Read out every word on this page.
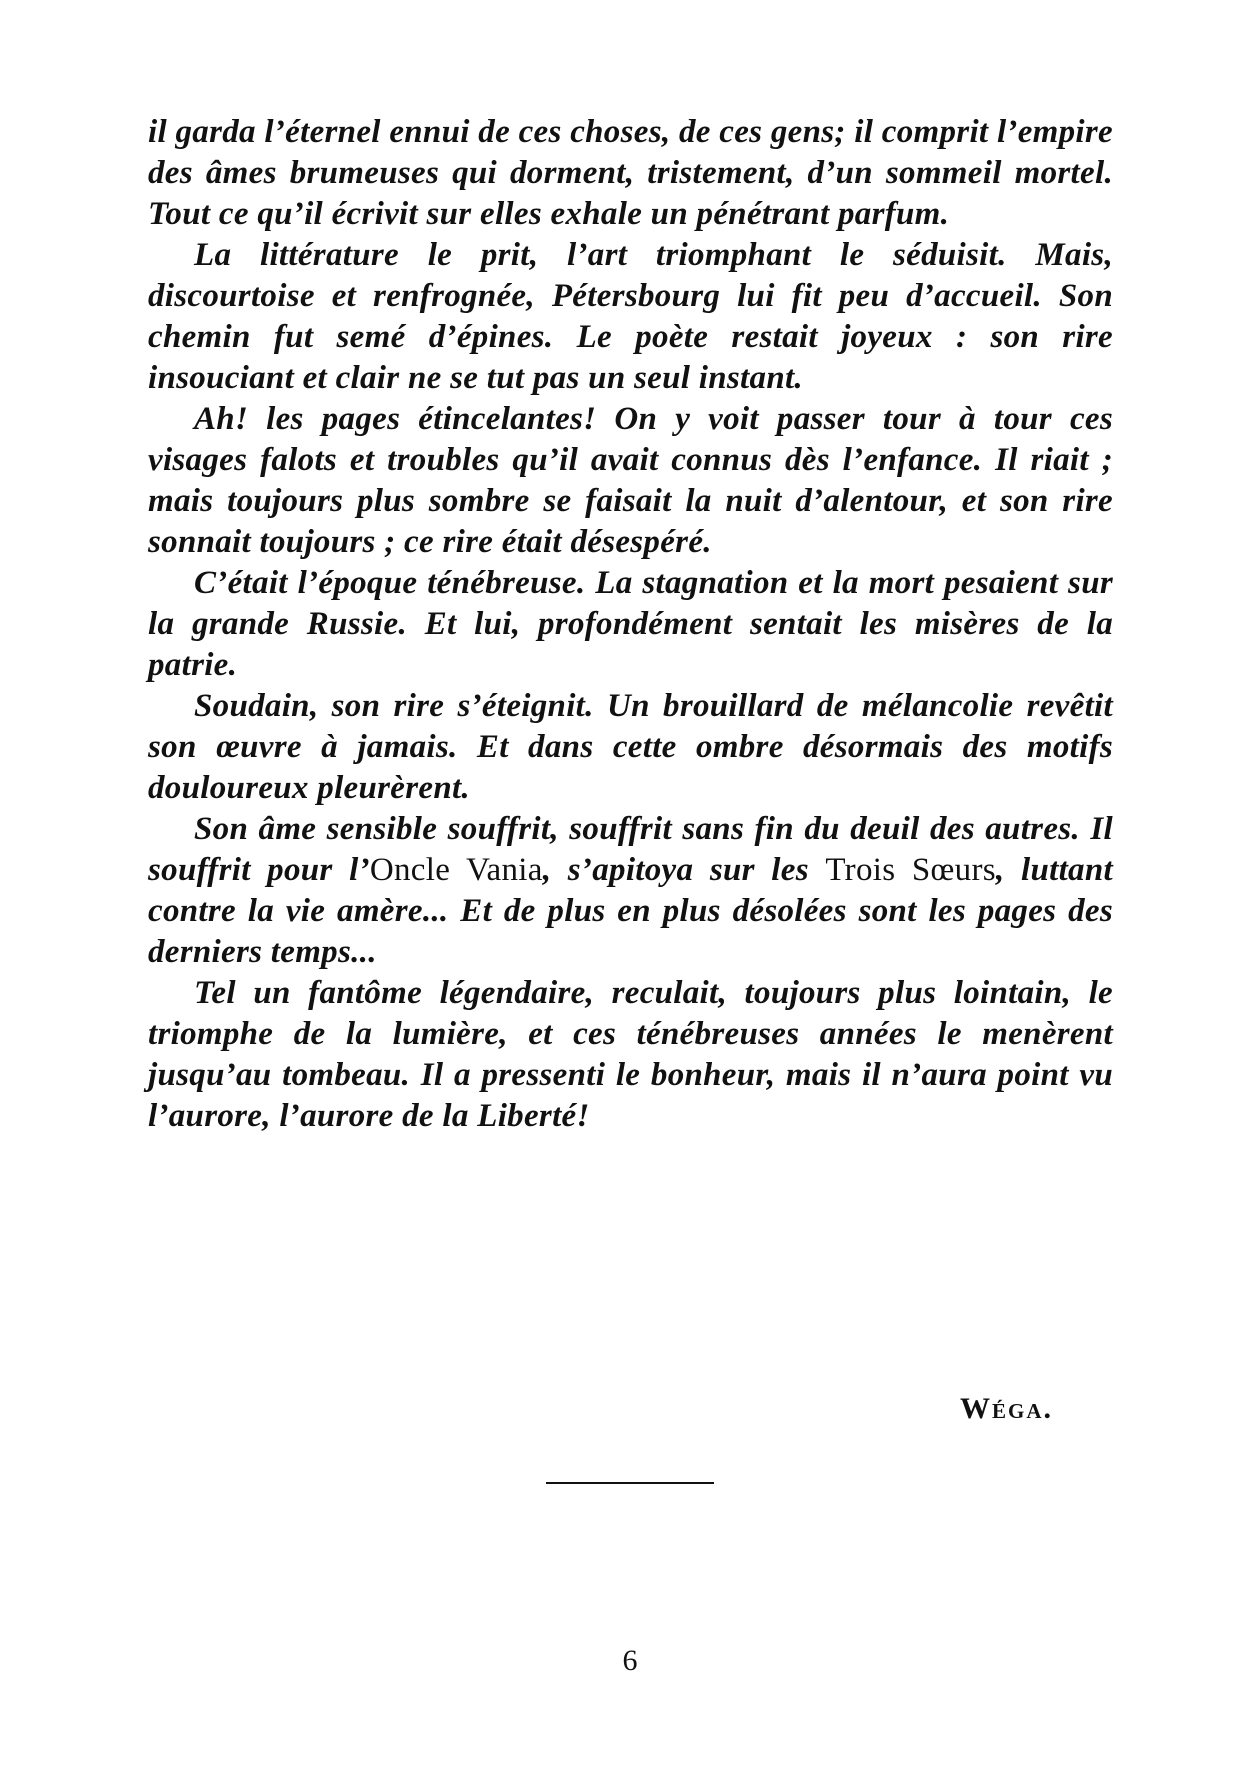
il garda l’éternel ennui de ces choses, de ces gens; il comprit l’empire des âmes brumeuses qui dorment, tristement, d’un sommeil mortel. Tout ce qu’il écrivit sur elles exhale un pénétrant parfum.

La littérature le prit, l’art triomphant le séduisit. Mais, discourtoise et renfrognée, Pétersbourg lui fit peu d’accueil. Son chemin fut semé d’épines. Le poète restait joyeux : son rire insouciant et clair ne se tut pas un seul instant.

Ah! les pages étincelantes! On y voit passer tour à tour ces visages falots et troubles qu’il avait connus dès l’enfance. Il riait ; mais toujours plus sombre se faisait la nuit d’alentour, et son rire sonnait toujours ; ce rire était désespéré.

C’était l’époque ténébreuse. La stagnation et la mort pesaient sur la grande Russie. Et lui, profondément sentait les misères de la patrie.

Soudain, son rire s’éteignit. Un brouillard de mélancolie revêtit son œuvre à jamais. Et dans cette ombre désormais des motifs douloureux pleurèrent.

Son âme sensible souffrit, souffrit sans fin du deuil des autres. Il souffrit pour l’Oncle Vania, s’apitoya sur les Trois Sœurs, luttant contre la vie amère... Et de plus en plus désolées sont les pages des derniers temps...

Tel un fantôme légendaire, reculait, toujours plus lointain, le triomphe de la lumière, et ces ténébreuses années le menèrent jusqu’au tombeau. Il a pressenti le bonheur, mais il n’aura point vu l’aurore, l’aurore de la Liberté!

Wéga.
6
